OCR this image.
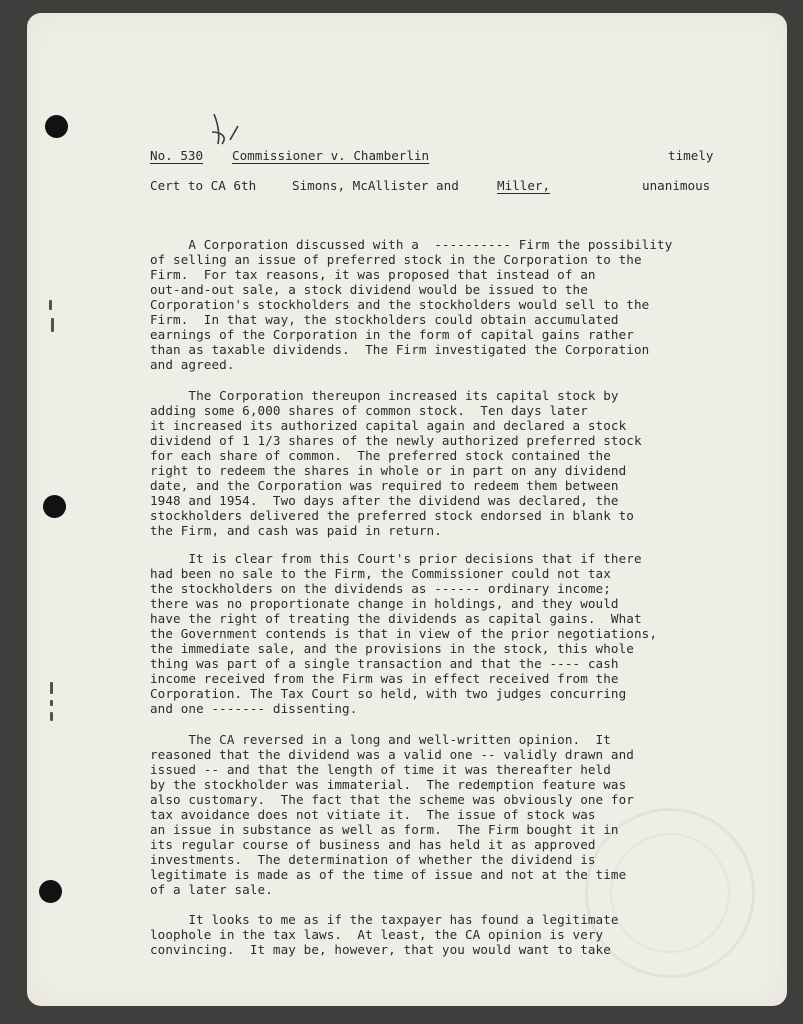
No. 530 Commissioner v. Chamberlin	timely
Cert to CA 6th	Simons, McAllister and	Miller,	unanimous

A Corporation discussed with a  ---------- Firm the possibility
of selling an issue of preferred stock in the Corporation to the
Firm.  For tax reasons, it was proposed that instead of an
out-and-out sale, a stock dividend would be issued to the
Corporation's stockholders and the stockholders would sell to the
Firm.  In that way, the stockholders could obtain accumulated
earnings of the Corporation in the form of capital gains rather
than as taxable dividends.  The Firm investigated the Corporation
and agreed.

The Corporation thereupon increased its capital stock by
adding some 6,000 shares of common stock.  Ten days later
it increased its authorized capital again and declared a stock
dividend of 1 1/3 shares of the newly authorized preferred stock
for each share of common.  The preferred stock contained the
right to redeem the shares in whole or in part on any dividend
date, and the Corporation was required to redeem them between
1948 and 1954.  Two days after the dividend was declared, the
stockholders delivered the preferred stock endorsed in blank to
the Firm, and cash was paid in return.

It is clear from this Court's prior decisions that if there
had been no sale to the Firm, the Commissioner could not tax
the stockholders on the dividends as ------ ordinary income;
there was no proportionate change in holdings, and they would
have the right of treating the dividends as capital gains.  What
the Government contends is that in view of the prior negotiations,
the immediate sale, and the provisions in the stock, this whole
thing was part of a single transaction and that the ---- cash
income received from the Firm was in effect received from the
Corporation. The Tax Court so held, with two judges concurring
and one ------- dissenting.

The CA reversed in a long and well-written opinion.  It
reasoned that the dividend was a valid one -- validly drawn and
issued -- and that the length of time it was thereafter held
by the stockholder was immaterial.  The redemption feature was
also customary.  The fact that the scheme was obviously one for
tax avoidance does not vitiate it.  The issue of stock was
an issue in substance as well as form.  The Firm bought it in
its regular course of business and has held it as approved
investments.  The determination of whether the dividend is
legitimate is made as of the time of issue and not at the time
of a later sale.

It looks to me as if the taxpayer has found a legitimate
loophole in the tax laws.  At least, the CA opinion is very
convincing.  It may be, however, that you would want to take
